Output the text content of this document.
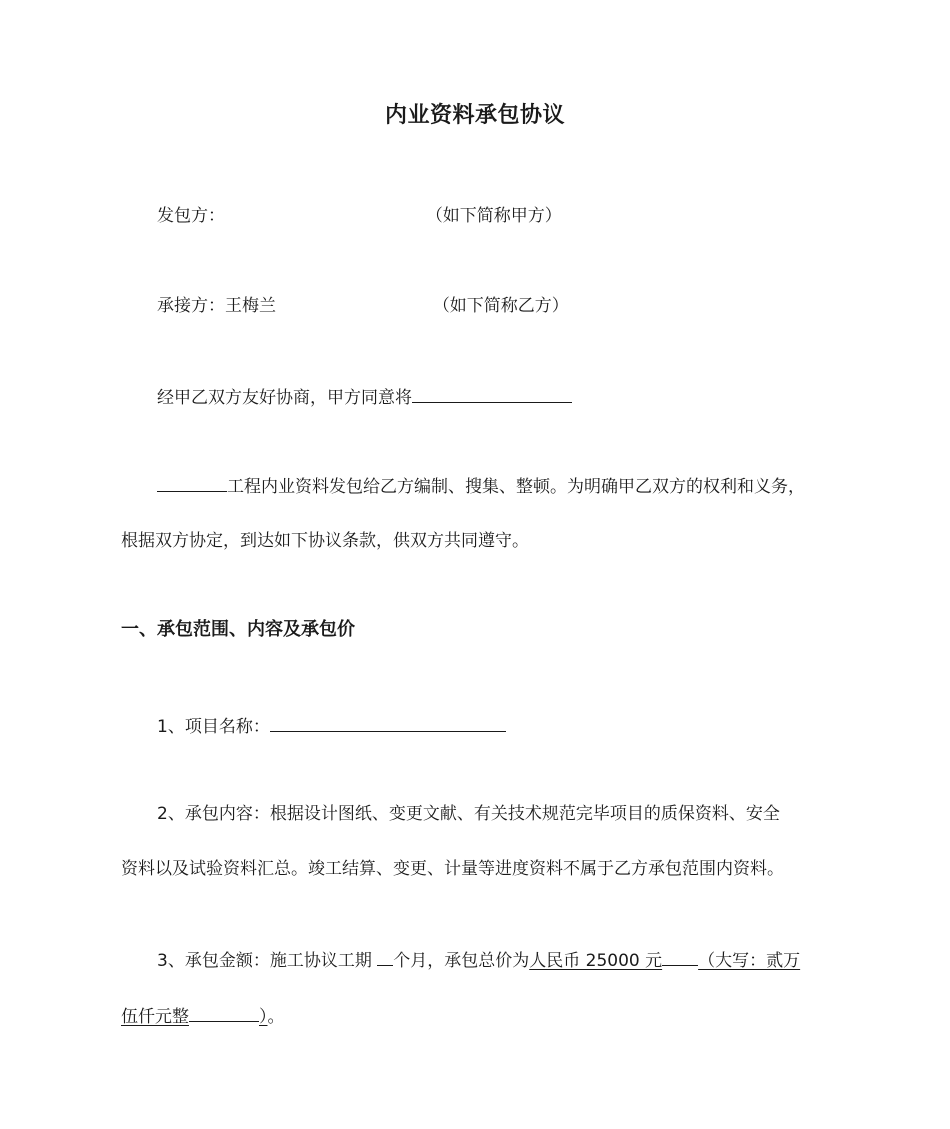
内业资料承包协议
发包方：	（如下简称甲方）
承接方：王梅兰	（如下简称乙方）
经甲乙双方友好协商，甲方同意将
工程内业资料发包给乙方编制、搜集、整顿。为明确甲乙双方的权利和义务，
根据双方协定，到达如下协议条款，供双方共同遵守。
一、承包范围、内容及承包价
1、项目名称：
2、承包内容：根据设计图纸、变更文献、有关技术规范完毕项目的质保资料、安全
资料以及试验资料汇总。竣工结算、变更、计量等进度资料不属于乙方承包范围内资料。
3、承包金额：施工协议工期 个月，承包总价为人民币 25000 元 （大写：贰万
伍仟元整	）。
